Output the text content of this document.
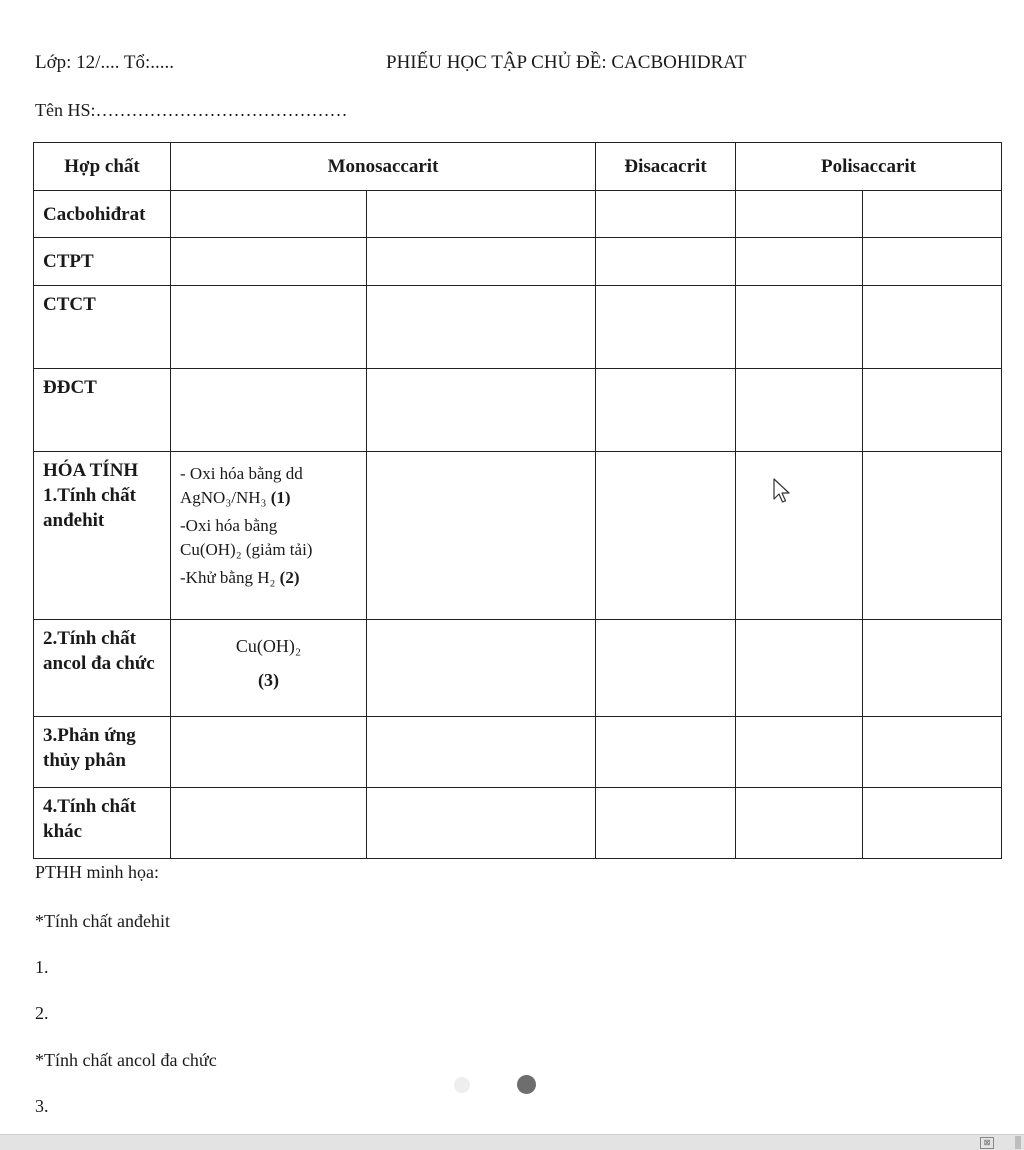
Lớp: 12/.... Tổ:.....	PHIẾU HỌC TẬP CHỦ ĐỀ: CACBOHIDRAT
Tên HS:……………………………………
Hợp chất	Monosaccarit		Đisacacrit	Polisaccarit	
Cacbohiđrat					
CTPT					
CTCT					
ĐĐCT					

HÓA TÍNH
1.Tính chất anđehit	- Oxi hóa bằng dd
AgNO₃/NH₃ (1)
-Oxi hóa bằng
Cu(OH)₂ (giảm tải)
-Khử bằng H₂ (2)				

2.Tính chất ancol đa chức	Cu(OH)₂
(3)				

3.Phản ứng thủy phân					
4.Tính chất khác					
PTHH minh họa:
*Tính chất anđehit
1.
2.
*Tính chất ancol đa chức
3.
⊠
